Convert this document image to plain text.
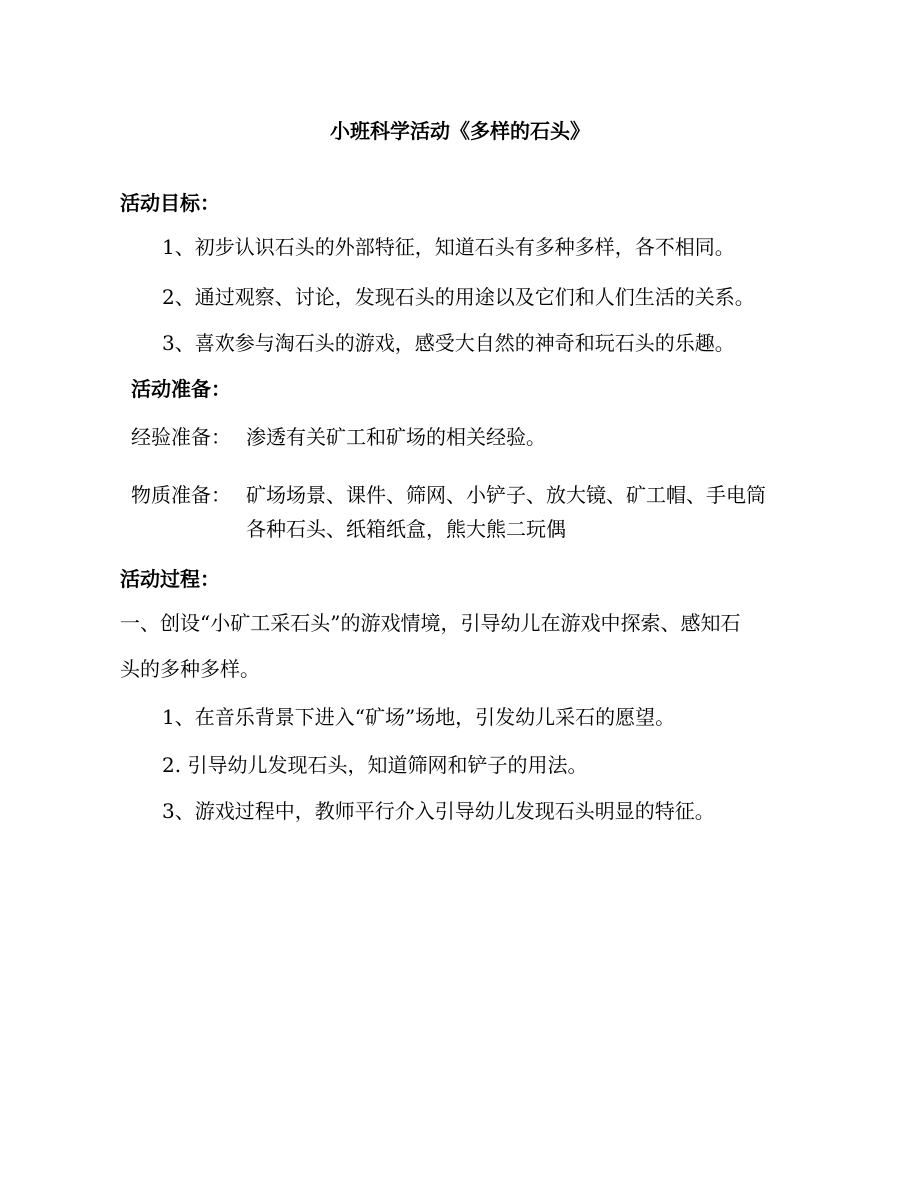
小班科学活动《多样的石头》
活动目标：
1、初步认识石头的外部特征，知道石头有多种多样，各不相同。
2、通过观察、讨论，发现石头的用途以及它们和人们生活的关系。
3、喜欢参与淘石头的游戏，感受大自然的神奇和玩石头的乐趣。
活动准备：
经验准备： 渗透有关矿工和矿场的相关经验。
物质准备： 矿场场景、课件、筛网、小铲子、放大镜、矿工帽、手电筒
各种石头、纸箱纸盒，熊大熊二玩偶
活动过程：
一、创设“小矿工采石头”的游戏情境，引导幼儿在游戏中探索、感知石
头的多种多样。
1、在音乐背景下进入“矿场”场地，引发幼儿采石的愿望。
2. 引导幼儿发现石头，知道筛网和铲子的用法。
3、游戏过程中，教师平行介入引导幼儿发现石头明显的特征。
